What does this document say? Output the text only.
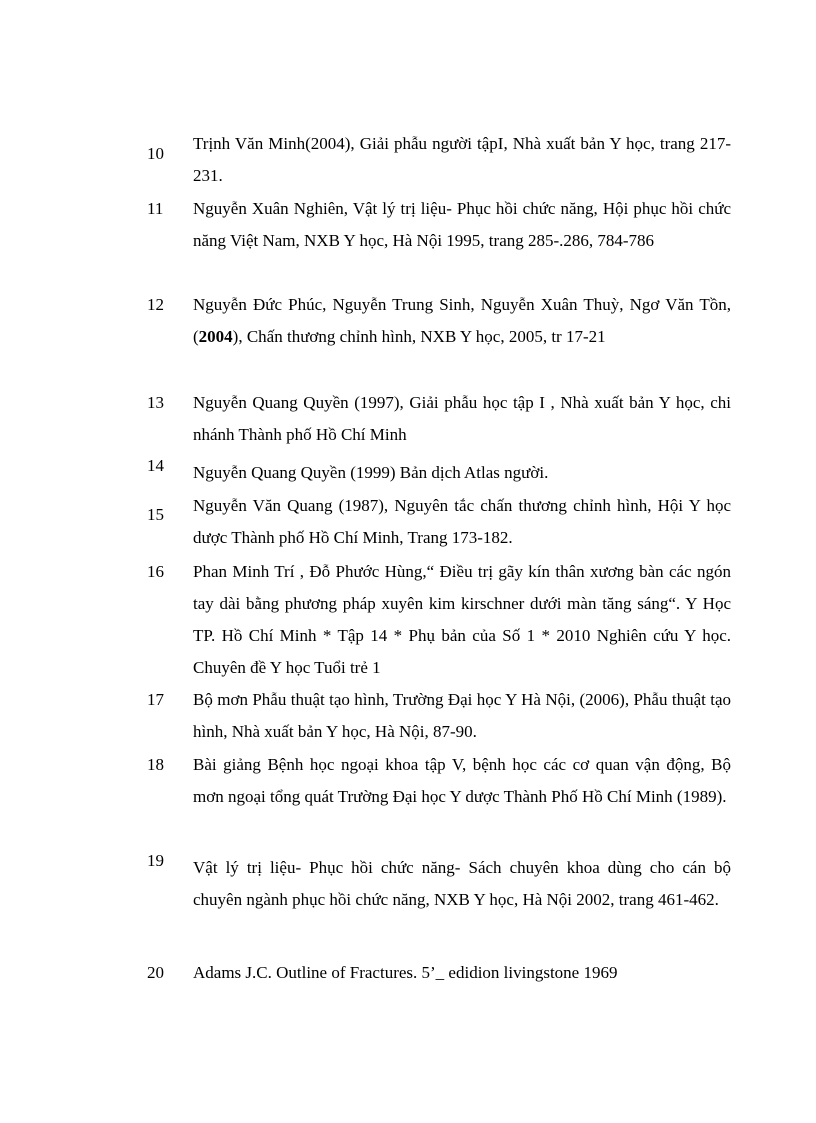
10
Trịnh Văn Minh(2004), Giải phẫu người tậpI, Nhà xuất bản Y học, trang 217-231.
11 Nguyễn Xuân Nghiên, Vật lý trị liệu- Phục hồi chức năng, Hội phục hồi chức năng Việt Nam, NXB Y học, Hà Nội 1995, trang 285-.286, 784-786
12 Nguyễn Đức Phúc, Nguyễn Trung Sinh, Nguyễn Xuân Thuỳ, Ngơ Văn Tồn, (2004), Chấn thương chỉnh hình, NXB Y học, 2005, tr 17-21
13 Nguyễn Quang Quyền (1997), Giải phẫu học tập I , Nhà xuất bản Y học, chi nhánh Thành phố Hồ Chí Minh
14 Nguyễn Quang Quyền (1999) Bản dịch Atlas người.
15 Nguyễn Văn Quang (1987), Nguyên tắc chấn thương chỉnh hình, Hội Y học dược Thành phố Hồ Chí Minh, Trang 173-182.
16 Phan Minh Trí , Đỗ Phước Hùng,“ Điều trị gãy kín thân xương bàn các ngón tay dài bằng phương pháp xuyên kim kirschner dưới màn tăng sáng“. Y Học TP. Hồ Chí Minh * Tập 14 * Phụ bản của Số 1 * 2010 Nghiên cứu Y học. Chuyên đề Y học Tuổi trẻ 1
17 Bộ mơn Phẫu thuật tạo hình, Trường Đại học Y Hà Nội, (2006), Phẫu thuật tạo hình, Nhà xuất bản Y học, Hà Nội, 87-90.
18 Bài giảng Bệnh học ngoại khoa tập V, bệnh học các cơ quan vận động, Bộ mơn ngoại tổng quát Trường Đại học Y dược Thành Phố Hồ Chí Minh (1989).
19 Vật lý trị liệu- Phục hồi chức năng- Sách chuyên khoa dùng cho cán bộ chuyên ngành phục hồi chức năng, NXB Y học, Hà Nội 2002, trang 461-462.
20 Adams J.C. Outline of Fractures. 5’_ edidion livingstone 1969
